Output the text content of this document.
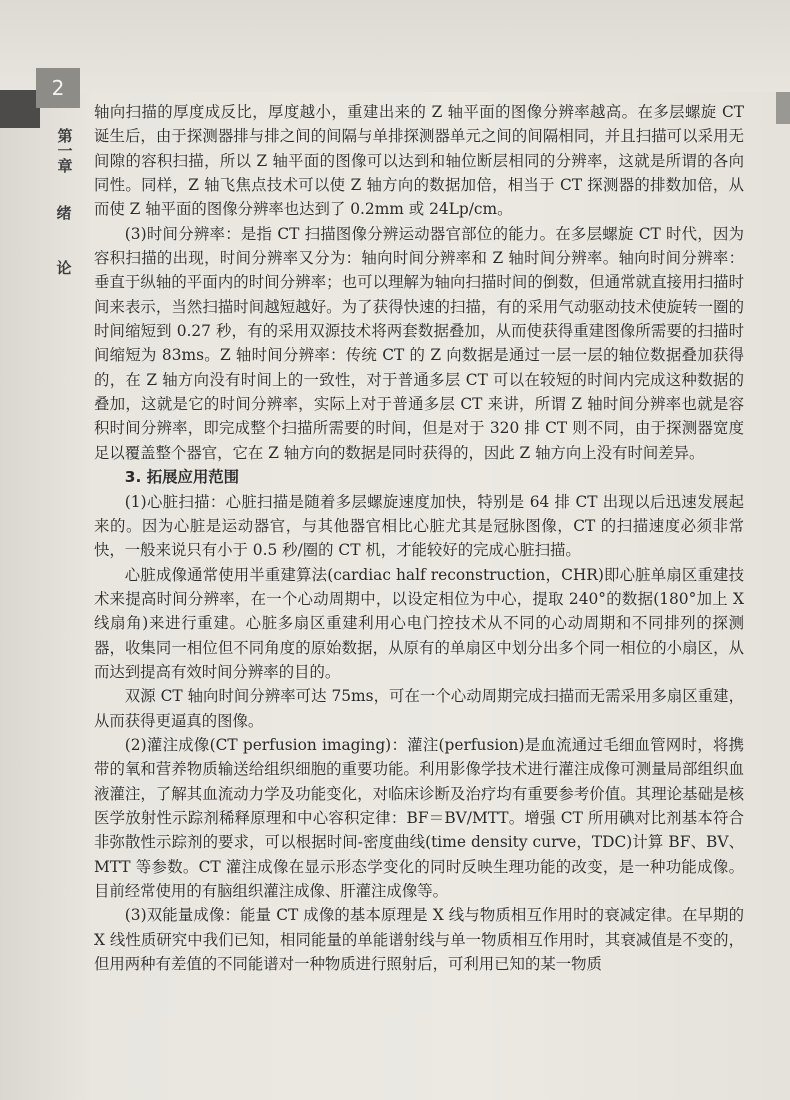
2
第一章
绪
论

轴向扫描的厚度成反比，厚度越小，重建出来的 Z 轴平面的图像分辨率越高。在多层螺旋 CT 诞生后，由于探测器排与排之间的间隔与单排探测器单元之间的间隔相同，并且扫描可以采用无间隙的容积扫描，所以 Z 轴平面的图像可以达到和轴位断层相同的分辨率，这就是所谓的各向同性。同样，Z 轴飞焦点技术可以使 Z 轴方向的数据加倍，相当于 CT 探测器的排数加倍，从而使 Z 轴平面的图像分辨率也达到了 0.2mm 或 24Lp/cm。

(3)时间分辨率：是指 CT 扫描图像分辨运动器官部位的能力。在多层螺旋 CT 时代，因为容积扫描的出现，时间分辨率又分为：轴向时间分辨率和 Z 轴时间分辨率。轴向时间分辨率：垂直于纵轴的平面内的时间分辨率；也可以理解为轴向扫描时间的倒数，但通常就直接用扫描时间来表示，当然扫描时间越短越好。为了获得快速的扫描，有的采用气动驱动技术使旋转一圈的时间缩短到 0.27 秒，有的采用双源技术将两套数据叠加，从而使获得重建图像所需要的扫描时间缩短为 83ms。Z 轴时间分辨率：传统 CT 的 Z 向数据是通过一层一层的轴位数据叠加获得的，在 Z 轴方向没有时间上的一致性，对于普通多层 CT 可以在较短的时间内完成这种数据的叠加，这就是它的时间分辨率，实际上对于普通多层 CT 来讲，所谓 Z 轴时间分辨率也就是容积时间分辨率，即完成整个扫描所需要的时间，但是对于 320 排 CT 则不同，由于探测器宽度足以覆盖整个器官，它在 Z 轴方向的数据是同时获得的，因此 Z 轴方向上没有时间差异。

3. 拓展应用范围

(1)心脏扫描：心脏扫描是随着多层螺旋速度加快，特别是 64 排 CT 出现以后迅速发展起来的。因为心脏是运动器官，与其他器官相比心脏尤其是冠脉图像，CT 的扫描速度必须非常快，一般来说只有小于 0.5 秒/圈的 CT 机，才能较好的完成心脏扫描。

心脏成像通常使用半重建算法(cardiac half reconstruction，CHR)即心脏单扇区重建技术来提高时间分辨率，在一个心动周期中，以设定相位为中心，提取 240°的数据(180°加上 X 线扇角)来进行重建。心脏多扇区重建利用心电门控技术从不同的心动周期和不同排列的探测器，收集同一相位但不同角度的原始数据，从原有的单扇区中划分出多个同一相位的小扇区，从而达到提高有效时间分辨率的目的。

双源 CT 轴向时间分辨率可达 75ms，可在一个心动周期完成扫描而无需采用多扇区重建，从而获得更逼真的图像。

(2)灌注成像(CT perfusion imaging)：灌注(perfusion)是血流通过毛细血管网时，将携带的氧和营养物质输送给组织细胞的重要功能。利用影像学技术进行灌注成像可测量局部组织血液灌注，了解其血流动力学及功能变化，对临床诊断及治疗均有重要参考价值。其理论基础是核医学放射性示踪剂稀释原理和中心容积定律：BF＝BV/MTT。增强 CT 所用碘对比剂基本符合非弥散性示踪剂的要求，可以根据时间-密度曲线(time density curve，TDC)计算 BF、BV、MTT 等参数。CT 灌注成像在显示形态学变化的同时反映生理功能的改变，是一种功能成像。目前经常使用的有脑组织灌注成像、肝灌注成像等。

(3)双能量成像：能量 CT 成像的基本原理是 X 线与物质相互作用时的衰减定律。在早期的 X 线性质研究中我们已知，相同能量的单能谱射线与单一物质相互作用时，其衰减值是不变的，但用两种有差值的不同能谱对一种物质进行照射后，可利用已知的某一物质
